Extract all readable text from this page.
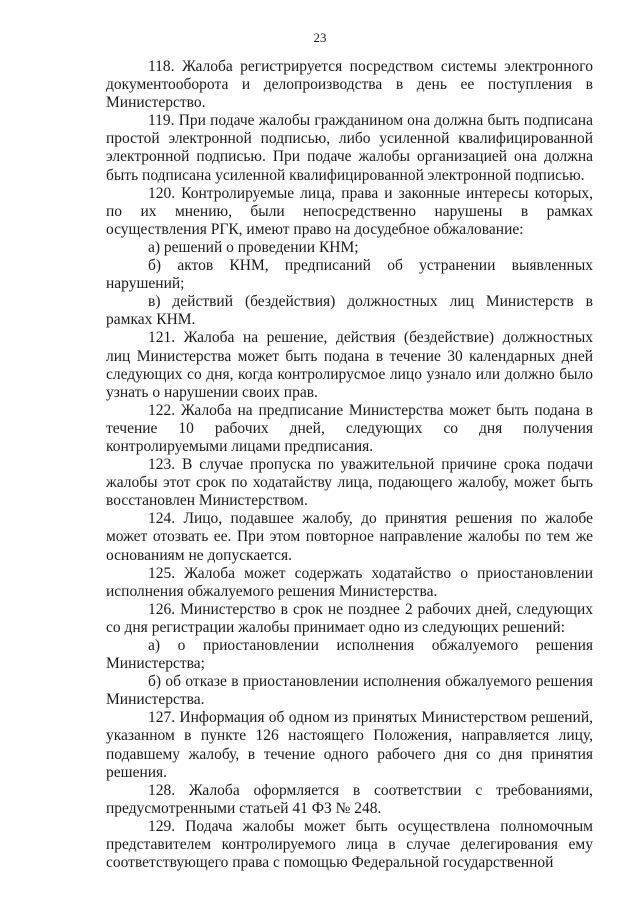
23

118. Жалоба регистрируется посредством системы электронного документооборота и делопроизводства в день ее поступления в Министерство.

119. При подаче жалобы гражданином она должна быть подписана простой электронной подписью, либо усиленной квалифицированной электронной подписью. При подаче жалобы организацией она должна быть подписана усиленной квалифицированной электронной подписью.

120. Контролируемые лица, права и законные интересы которых, по их мнению, были непосредственно нарушены в рамках осуществления РГК, имеют право на досудебное обжалование:

а) решений о проведении КНМ;

б) актов КНМ, предписаний об устранении выявленных нарушений;

в) действий (бездействия) должностных лиц Министерств в рамках КНМ.

121. Жалоба на решение, действия (бездействие) должностных лиц Министерства может быть подана в течение 30 календарных дней следующих со дня, когда контролирусмое лицо узнало или должно было узнать о нарушении своих прав.

122. Жалоба на предписание Министерства может быть подана в течение 10 рабочих дней, следующих со дня получения контролируемыми лицами предписания.

123. В случае пропуска по уважительной причине срока подачи жалобы этот срок по ходатайству лица, подающего жалобу, может быть восстановлен Министерством.

124. Лицо, подавшее жалобу, до принятия решения по жалобе может отозвать ее. При этом повторное направление жалобы по тем же основаниям не допускается.

125. Жалоба может содержать ходатайство о приостановлении исполнения обжалуемого решения Министерства.

126. Министерство в срок не позднее 2 рабочих дней, следующих со дня регистрации жалобы принимает одно из следующих решений:

а) о приостановлении исполнения обжалуемого решения Министерства;

б) об отказе в приостановлении исполнения обжалуемого решения Министерства.

127. Информация об одном из принятых Министерством решений, указанном в пункте 126 настоящего Положения, направляется лицу, подавшему жалобу, в течение одного рабочего дня со дня принятия решения.

128. Жалоба оформляется в соответствии с требованиями, предусмотренными статьей 41 ФЗ № 248.

129. Подача жалобы может быть осуществлена полномочным представителем контролируемого лица в случае делегирования ему соответствующего права с помощью Федеральной государственной
